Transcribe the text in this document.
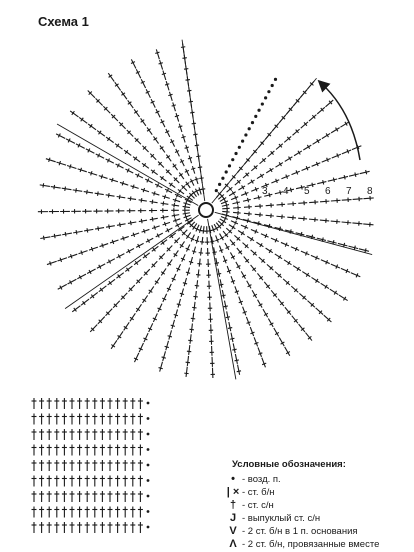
Схема 1
3 4 5 6 7 8
Условные обозначения:
• - возд. п.
| × - ст. б/н
† - ст. с/н
J - выпуклый ст. с/н
V - 2 ст. б/н в 1 п. основания
Λ - 2 ст. б/н, провязанные вместе
